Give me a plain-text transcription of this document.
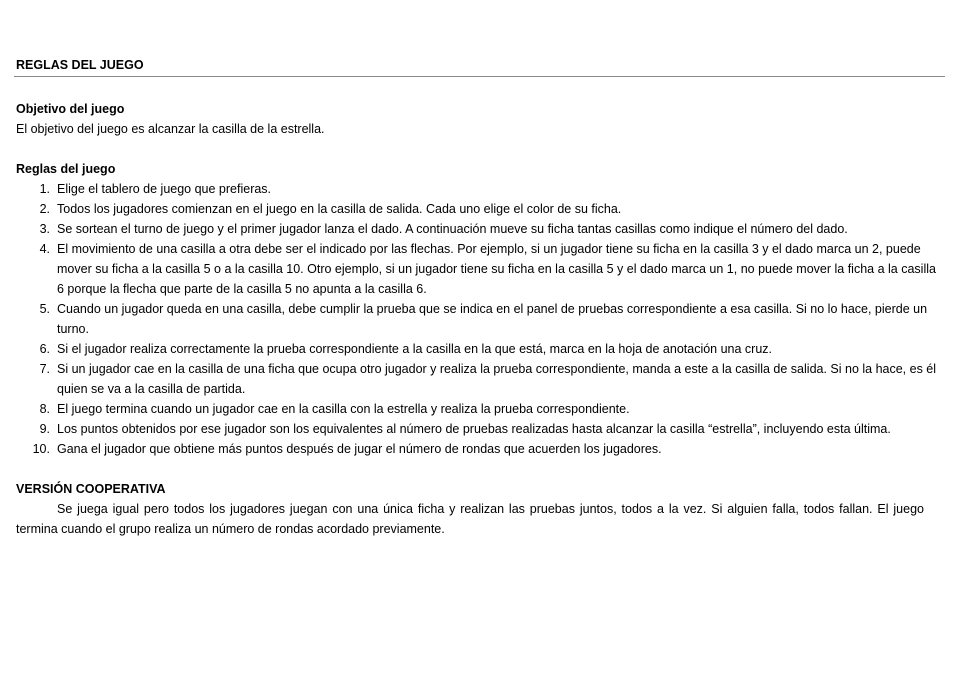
REGLAS DEL JUEGO
Objetivo del juego
El objetivo del juego es alcanzar la casilla de la estrella.
Reglas del juego
1. Elige el tablero de juego que prefieras.
2. Todos los jugadores comienzan en el juego en la casilla de salida. Cada uno elige el color de su ficha.
3. Se sortean el turno de juego y el primer jugador lanza el dado. A continuación mueve su ficha tantas casillas como indique el número del dado.
4. El movimiento de una casilla a otra debe ser el indicado por las flechas. Por ejemplo, si un jugador tiene su ficha en la casilla 3 y el dado marca un 2, puede mover su ficha a la casilla 5 o a la casilla 10. Otro ejemplo, si un jugador tiene su ficha en la casilla 5 y el dado marca un 1, no puede mover la ficha a la casilla 6 porque la flecha que parte de la casilla 5 no apunta a la casilla 6.
5. Cuando un jugador queda en una casilla, debe cumplir la prueba que se indica en el panel de pruebas correspondiente a esa casilla. Si no lo hace, pierde un turno.
6. Si el jugador realiza correctamente la prueba correspondiente a la casilla en la que está, marca en la hoja de anotación una cruz.
7. Si un jugador cae en la casilla de una ficha que ocupa otro jugador y realiza la prueba correspondiente, manda a este a la casilla de salida. Si no la hace, es él quien se va a la casilla de partida.
8. El juego termina cuando un jugador cae en la casilla con la estrella y realiza la prueba correspondiente.
9. Los puntos obtenidos por ese jugador son los equivalentes al número de pruebas realizadas hasta alcanzar la casilla “estrella”, incluyendo esta última.
10. Gana el jugador que obtiene más puntos después de jugar el número de rondas que acuerden los jugadores.
VERSIÓN COOPERATIVA
Se juega igual pero todos los jugadores juegan con una única ficha y realizan las pruebas juntos, todos a la vez. Si alguien falla, todos fallan. El juego termina cuando el grupo realiza un número de rondas acordado previamente.
